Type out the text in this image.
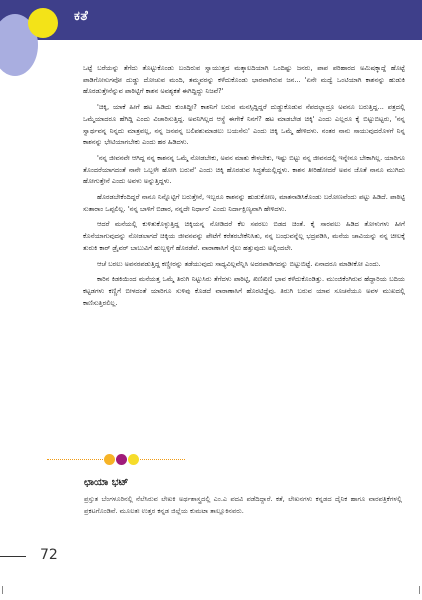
ಕತೆ

ಒಟ್ಟೆ ಬರೆಯನ್ನು ತೆಗೆದು ತೊಟ್ಟುಕೊಂಡು ಬಂದಿರುವ ಸ್ವಾಯುತ್ತದ ಮತ್ಕಾಲದಿಯಾಗಿ ಒಂದಿಷ್ಟು ಜನರು, ಪಾಪ ಪರಿಹಾರದ ಅಮಿಷಕ್ಕಾದ್ದೆ ಹೊಟ್ಟೆ ಪಾಡಿಗೋಸುಗವೋ ದುಡ್ಡು ದೋಚುವ ಮಂದಿ, ತಮ್ಮವರನ್ನು ಕಳೆದುಕೊಂಡು ಭಾರವಾಗಿರುವ ಜನ... 'ಏನೇ ಮದ್ವೆ ಒಂಟಿಯಾಗಿ ಕಾಶನನ್ನು ಹುಡುಕಿ ಹೊರಡುತ್ತೇನೆನ್ನುವ ಪಾಠಿಟ್ಟಿಗೆ ಕಾಶನ ಅವಶ್ಯಕತೆ ಈಗಿದ್ದಿದ್ದು ನಿಜವೆ?'

'ಚಿಕ್ಕಿ, ಯಾಕೆ ಹೀಗೆ ಹಟ ಹಿಡಿದು ಕುಂತಿದ್ದೀ? ಕಾಶನಿಗೆ ಬರುವ ಮನಸ್ಸಿದ್ದಿದ್ದರೆ ದುಡ್ಡುಕೊಡುವ ನೆಪದಲ್ಲಾದ್ರೂ ಅವನೂ ಬರುತ್ತಿದ್ದ... ಪತ್ರದಲ್ಲಿ ಒಮ್ಮೆಯಾದರೂ ಹೆಗಿದ್ದಿ ಎಂದು ವಿಚಾರಿಸುತ್ತಿದ್ದ. ಅವನಿಗಿಲ್ಲದ ಆಸ್ಥೆ ಈಗೇಕೆ ನಿನಗೆ? ಹಟ ಮಾಡಬೇಡ ಚಿಕ್ಕಿ' ಎಂದು ಎಲ್ಲರೂ ಕೈ ಬಿಟ್ಟುಬಿಟ್ಟರು, 'ನನ್ನ ಸ್ವಾರ್ಥವನ್ನ ನಿನ್ನದು ಮಾತ್ರವಲ್ಲ, ನನ್ನ ಜನವನ್ನ ಬಲಿಪಶುಮಾಡಲು ಬಯಸೆನು' ಎಂದು ಚಿಕ್ಕಿ ಒಮ್ಮೆ ಹೇಳಿದಳು. ನಂತರ ನಾನು ಸಾಯುವುದರೊಳಗೆ ನಿನ್ನ ಕಾಶನನ್ನು ಭೇಟಿಯಾಗಬೇಕು ಎಂದು ಹಠ ಹಿಡಿದಳು.

'ನನ್ನ ಜೀವನವೇ ಆಗಿದ್ದ ನನ್ನ ಕಾಶನನ್ನ ಒಮ್ಮೆ ನೋಡಬೇಕು, ಅವನ ಮಾತು ಕೇಳಬೇಕು, ಇಷ್ಟು ಬಿಟ್ಟು ನನ್ನ ಜೀವನದಲ್ಲಿ ಇನ್ನೇನೂ ಬೇಕಾಗಿಲ್ಲ. ಯಾರಿಗೂ ತೊಂದರೆಯಾಗದಂತೆ ನಾನೇ ಒಬ್ಬಳೇ ಹೋಗಿ ಬರುವೆ' ಎಂದು ಚಿಕ್ಕಿ ಹೊರಡುವ ಸಿದ್ಧತೆಯಲ್ಲಿದ್ದಳು. ಕಾಶನ ತೀರಿಹೋದರೆ ಅವನ ಜೊತೆ ನಾನೂ ಮುಗಿದು ಹೋಗುತ್ತೇನೆ ಎಂದು ಅವಳು ಅನ್ನುತ್ತಿದ್ದಳು.

ಹೊರಡಬೇಕೆಂದಿದ್ದರೆ ನಾನೂ ನಿನ್ನೊಟ್ಟಿಗೆ ಬರುತ್ತೇನೆ, ಇಬ್ಬರೂ ಕಾಶನನ್ನು ಹುಡುಕೋಣ, ಮಾತನಾಡಿಸಿಕೊಂಡು ಬರೋಣವೆಂದು ಪಟ್ಟು ಹಿಡಿದೆ. ಪಾಠಿಟ್ಟಿ ಸುತಾರಾಂ ಒಪ್ಪಲಿಲ್ಲ. 'ನನ್ನ ಬಾಳಿಗೆ ಬಿಡಾರ, ನನ್ನದೇ ನಿರ್ಧಾರ' ಎಂದು ನಿರ್ದಾಕ್ಷಿಣ್ಯವಾಗಿ ಹೇಳಿದಳು.

ಆದರೆ ಮನೆಯಲ್ಲಿ ಕುಳಿತುಕೊಳ್ಳುತ್ತಿದ್ದ ಚಿಕ್ಕಿಯನ್ನ ನೋಡಿದರೆ ಕೆಲ ಸವರಲು ಬಿಡದ ಚಿಂತೆ. ಕೈ ಸಾರವಲು ಹಿಡಿದ ತೋಳುಗಳು ಹೀಗೆ ಕೊನೆಯಾಗುವುದನ್ನು ನೋಡಲಾಗದೆ ಚಿಕ್ಕಿಯ ಜೀವನವನ್ನು ಪೇಟೆಗೆ ಕರೆತರಬೇಕೆನಿಸಿತು, ನನ್ನ ಬಂಧುವನ್ನೆಲ್ಲ ಭದ್ರಪಡಿಸಿ, ಮನೆಯ ಚಾವಿಯನ್ನು ನನ್ನ ಚೀಲಕ್ಕೆ ತುರುಕಿ ಕಾರ್ ಡ್ರೈವರ್ ಬಾಬುವಿಗೆ ಹುಬ್ಬಳ್ಳಿಗೆ ಹೊರಡೆವೆ. ವಾರಾಣಾಸಿಗೆ ರೈಲು ಹತ್ತುವುದು ಅಲ್ಲಿಂದಲೇ.

ಆಚೆ ಬರಲು ಅವನರಪಡುತ್ತಿದ್ದ ಕಣ್ಣೀರನ್ನು ತಡೆಯುವುದು ಸಾಧ್ಯವಿಲ್ಲವೆನ್ನಿಸಿ ಅದರಪಾಡಿಗದನ್ನು ಬಿಟ್ಟುಬಿಟ್ಟೆ. ಏನಾದರೂ ಮಾಡೀಕೋ ಎಂದು.

ಕಾರಿನ ಕಿಡಕಿಯಿಂದ ಮನೆಯತ್ತ ಒಮ್ಮೆ ತಿರುಗಿ ನಿಟ್ಟುಸಿರು ತೆಗೆದಳು ಪಾಠಿಟ್ಟಿ, ಖಿಣಿಖಿಣಿ ಭಾವ ಕಳೆದುಕೊಂಡಿತ್ತು. ಮುಂಜಿಕೆಂಗಿರುವ ಹೆದ್ದಾರಿಯ ಬದಿಯ ಕಟ್ಟಡಗಳು ಕಣ್ಣಿಗೆ ಬೀಳದಂತೆ ಯಾರಿಗೂ ಸುಳಿವು ಕೊಡದೆ ವಾರಾಣಾಸಿಗೆ ಹೊರಟಿದ್ದೆವು. ತಿರುಗಿ ಬರುವ ಯಾವ ಸೂಚನೆಯೂ ಅವಳ ಮುಖದಲ್ಲಿ ಕಾಣಿಸುತ್ತಿರಲಿಲ್ಲ.

ಛಾಯಾ ಭಟ್
ಪ್ರಸ್ತುತ ಬೆಂಗಳೂರಿನಲ್ಲಿ ನೆಲೆಸಿರುವ ಲೇಖಕಿ ಅರ್ಥಶಾಸ್ತ್ರದಲ್ಲಿ ಎಂ.ಎ ಪದವಿ ಪಡೆದಿದ್ದಾರೆ. ಕತೆ, ಲೇಖನಗಳು ಕನ್ನಡದ ದೈನಿಕ ಹಾಗೂ ವಾರಪತ್ರಿಕೆಗಳಲ್ಲಿ ಪ್ರಕಟಗೊಂಡಿವೆ. ಮೂಲತಃ ಉತ್ತರ ಕನ್ನಡ ಜಿಲ್ಲೆಯ ಕುಮಟಾ ತಾಲ್ಲೂಕಿನವರು.
72
